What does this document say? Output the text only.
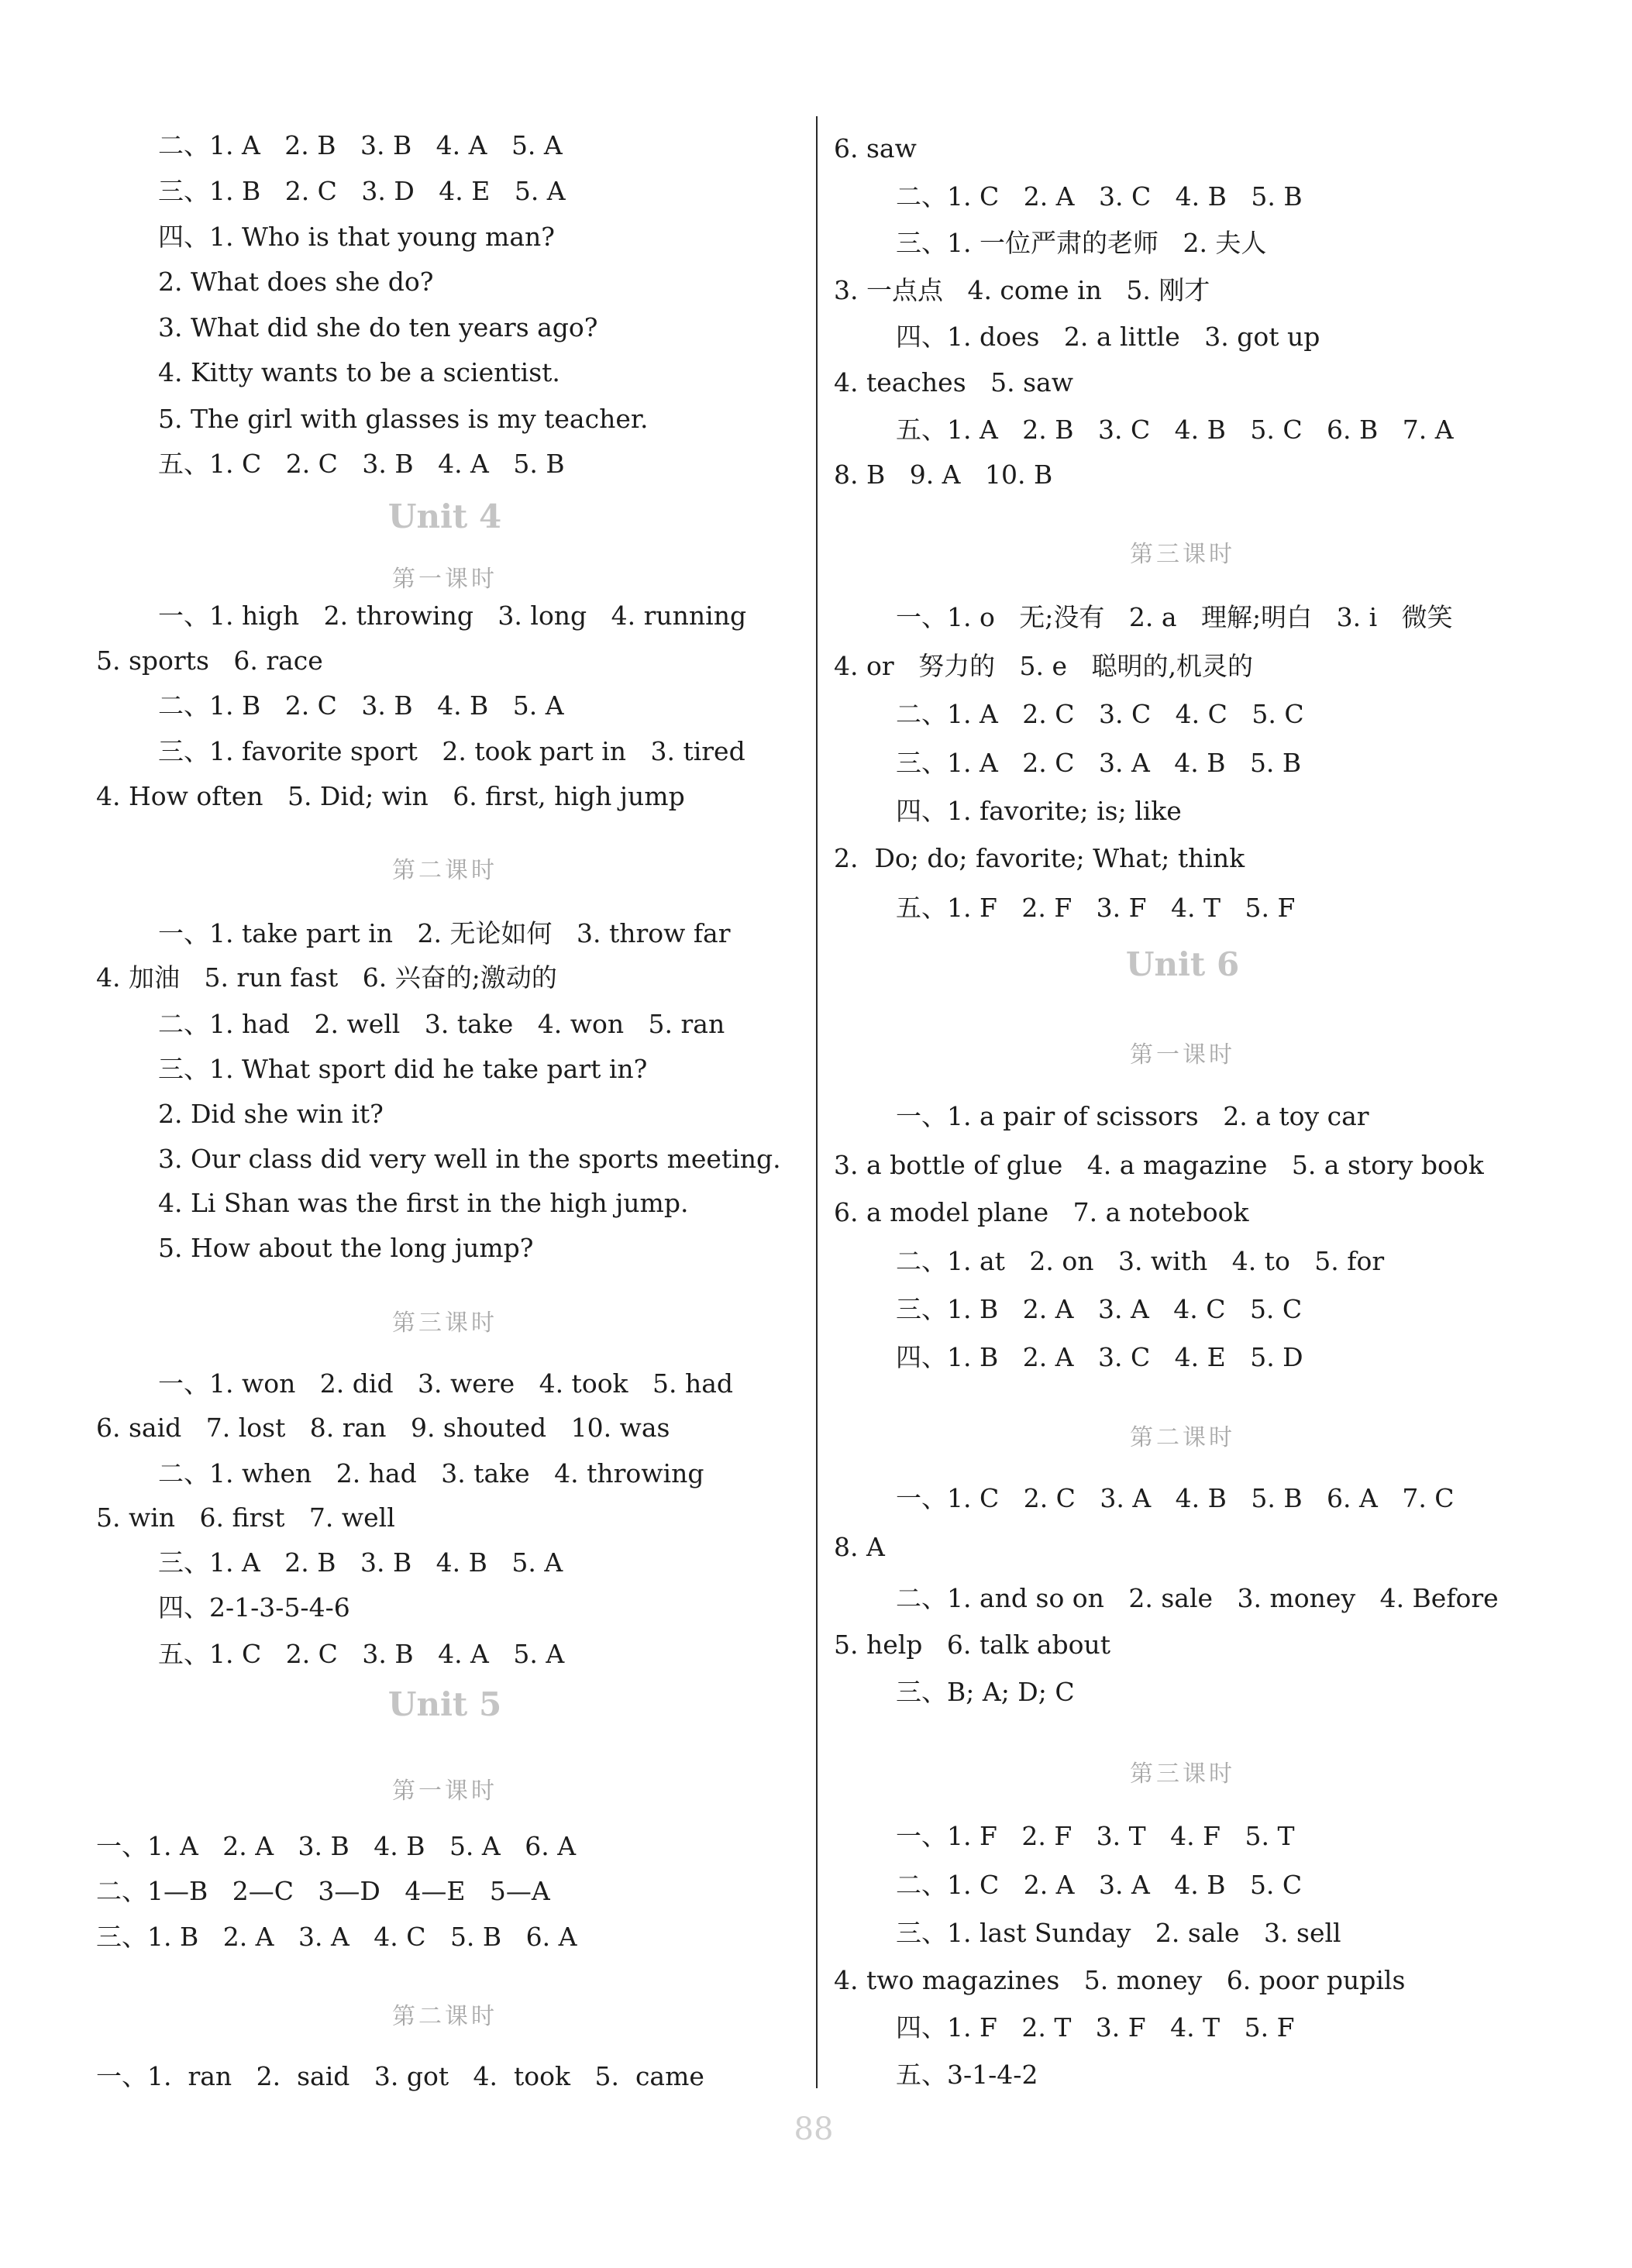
二、1. A   2. B   3. B   4. A   5. A
三、1. B   2. C   3. D   4. E   5. A
四、1. Who is that young man?
2. What does she do?
3. What did she do ten years ago?
4. Kitty wants to be a scientist.
5. The girl with glasses is my teacher.
五、1. C   2. C   3. B   4. A   5. B
Unit 4
第一课时
一、1. high   2. throwing   3. long   4. running
5. sports   6. race
二、1. B   2. C   3. B   4. B   5. A
三、1. favorite sport   2. took part in   3. tired
4. How often   5. Did; win   6. first, high jump
第二课时
一、1. take part in   2. 无论如何   3. throw far
4. 加油   5. run fast   6. 兴奋的;激动的
二、1. had   2. well   3. take   4. won   5. ran
三、1. What sport did he take part in?
2. Did she win it?
3. Our class did very well in the sports meeting.
4. Li Shan was the first in the high jump.
5. How about the long jump?
第三课时
一、1. won   2. did   3. were   4. took   5. had
6. said   7. lost   8. ran   9. shouted   10. was
二、1. when   2. had   3. take   4. throwing
5. win   6. first   7. well
三、1. A   2. B   3. B   4. B   5. A
四、2-1-3-5-4-6
五、1. C   2. C   3. B   4. A   5. A
Unit 5
第一课时
一、1. A   2. A   3. B   4. B   5. A   6. A
二、1—B   2—C   3—D   4—E   5—A
三、1. B   2. A   3. A   4. C   5. B   6. A
第二课时
一、1.  ran   2.  said   3. got   4.  took   5.  came
6. saw
二、1. C   2. A   3. C   4. B   5. B
三、1. 一位严肃的老师   2. 夫人
3. 一点点   4. come in   5. 刚才
四、1. does   2. a little   3. got up
4. teaches   5. saw
五、1. A   2. B   3. C   4. B   5. C   6. B   7. A
8. B   9. A   10. B
第三课时
一、1. o   无;没有   2. a   理解;明白   3. i   微笑
4. or   努力的   5. e   聪明的,机灵的
二、1. A   2. C   3. C   4. C   5. C
三、1. A   2. C   3. A   4. B   5. B
四、1. favorite; is; like
2.  Do; do; favorite; What; think
五、1. F   2. F   3. F   4. T   5. F
Unit 6
第一课时
一、1. a pair of scissors   2. a toy car
3. a bottle of glue   4. a magazine   5. a story book
6. a model plane   7. a notebook
二、1. at   2. on   3. with   4. to   5. for
三、1. B   2. A   3. A   4. C   5. C
四、1. B   2. A   3. C   4. E   5. D
第二课时
一、1. C   2. C   3. A   4. B   5. B   6. A   7. C
8. A
二、1. and so on   2. sale   3. money   4. Before
5. help   6. talk about
三、B; A; D; C
第三课时
一、1. F   2. F   3. T   4. F   5. T
二、1. C   2. A   3. A   4. B   5. C
三、1. last Sunday   2. sale   3. sell
4. two magazines   5. money   6. poor pupils
四、1. F   2. T   3. F   4. T   5. F
五、3-1-4-2
88
